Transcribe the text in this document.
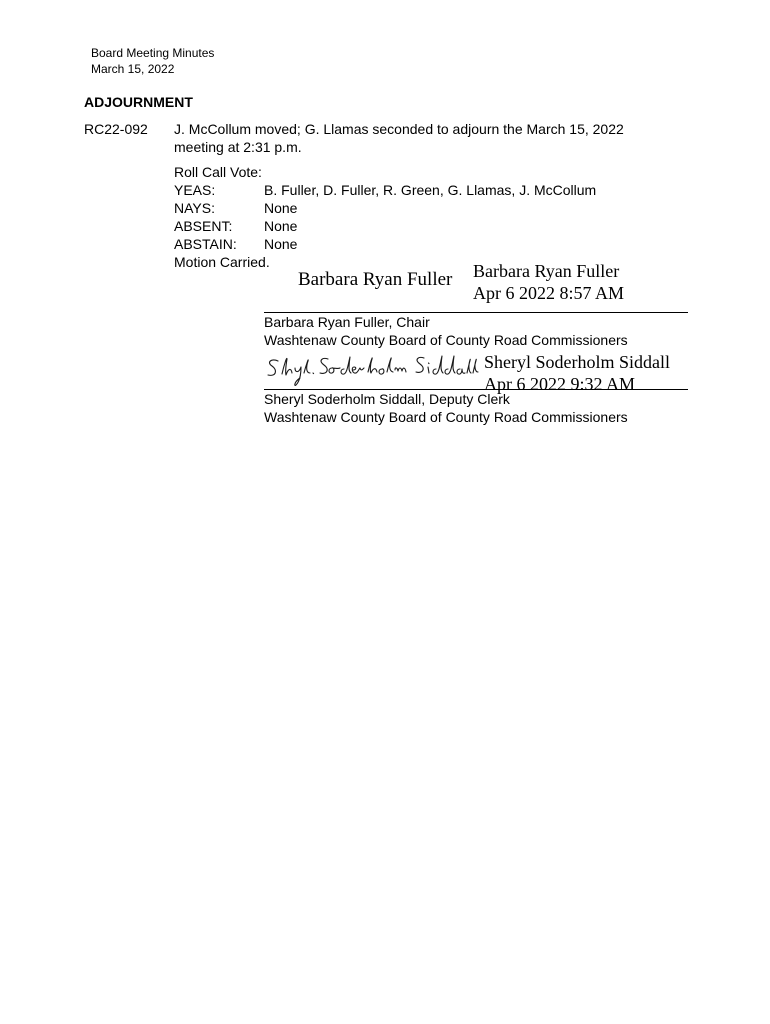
Board Meeting Minutes
March 15, 2022
ADJOURNMENT
RC22-092 J. McCollum moved; G. Llamas seconded to adjourn the March 15, 2022 meeting at 2:31 p.m.
Roll Call Vote:
YEAS:	B. Fuller, D. Fuller, R. Green, G. Llamas, J. McCollum
NAYS:	None
ABSENT:	None
ABSTAIN:	None
Motion Carried.
Barbara Ryan Fuller Barbara Ryan Fuller
Apr 6 2022 8:57 AM
Barbara Ryan Fuller, Chair
Washtenaw County Board of County Road Commissioners
Sheryl Soderholm Siddall
Apr 6 2022 9:32 AM
Sheryl Soderholm Siddall, Deputy Clerk
Washtenaw County Board of County Road Commissioners
